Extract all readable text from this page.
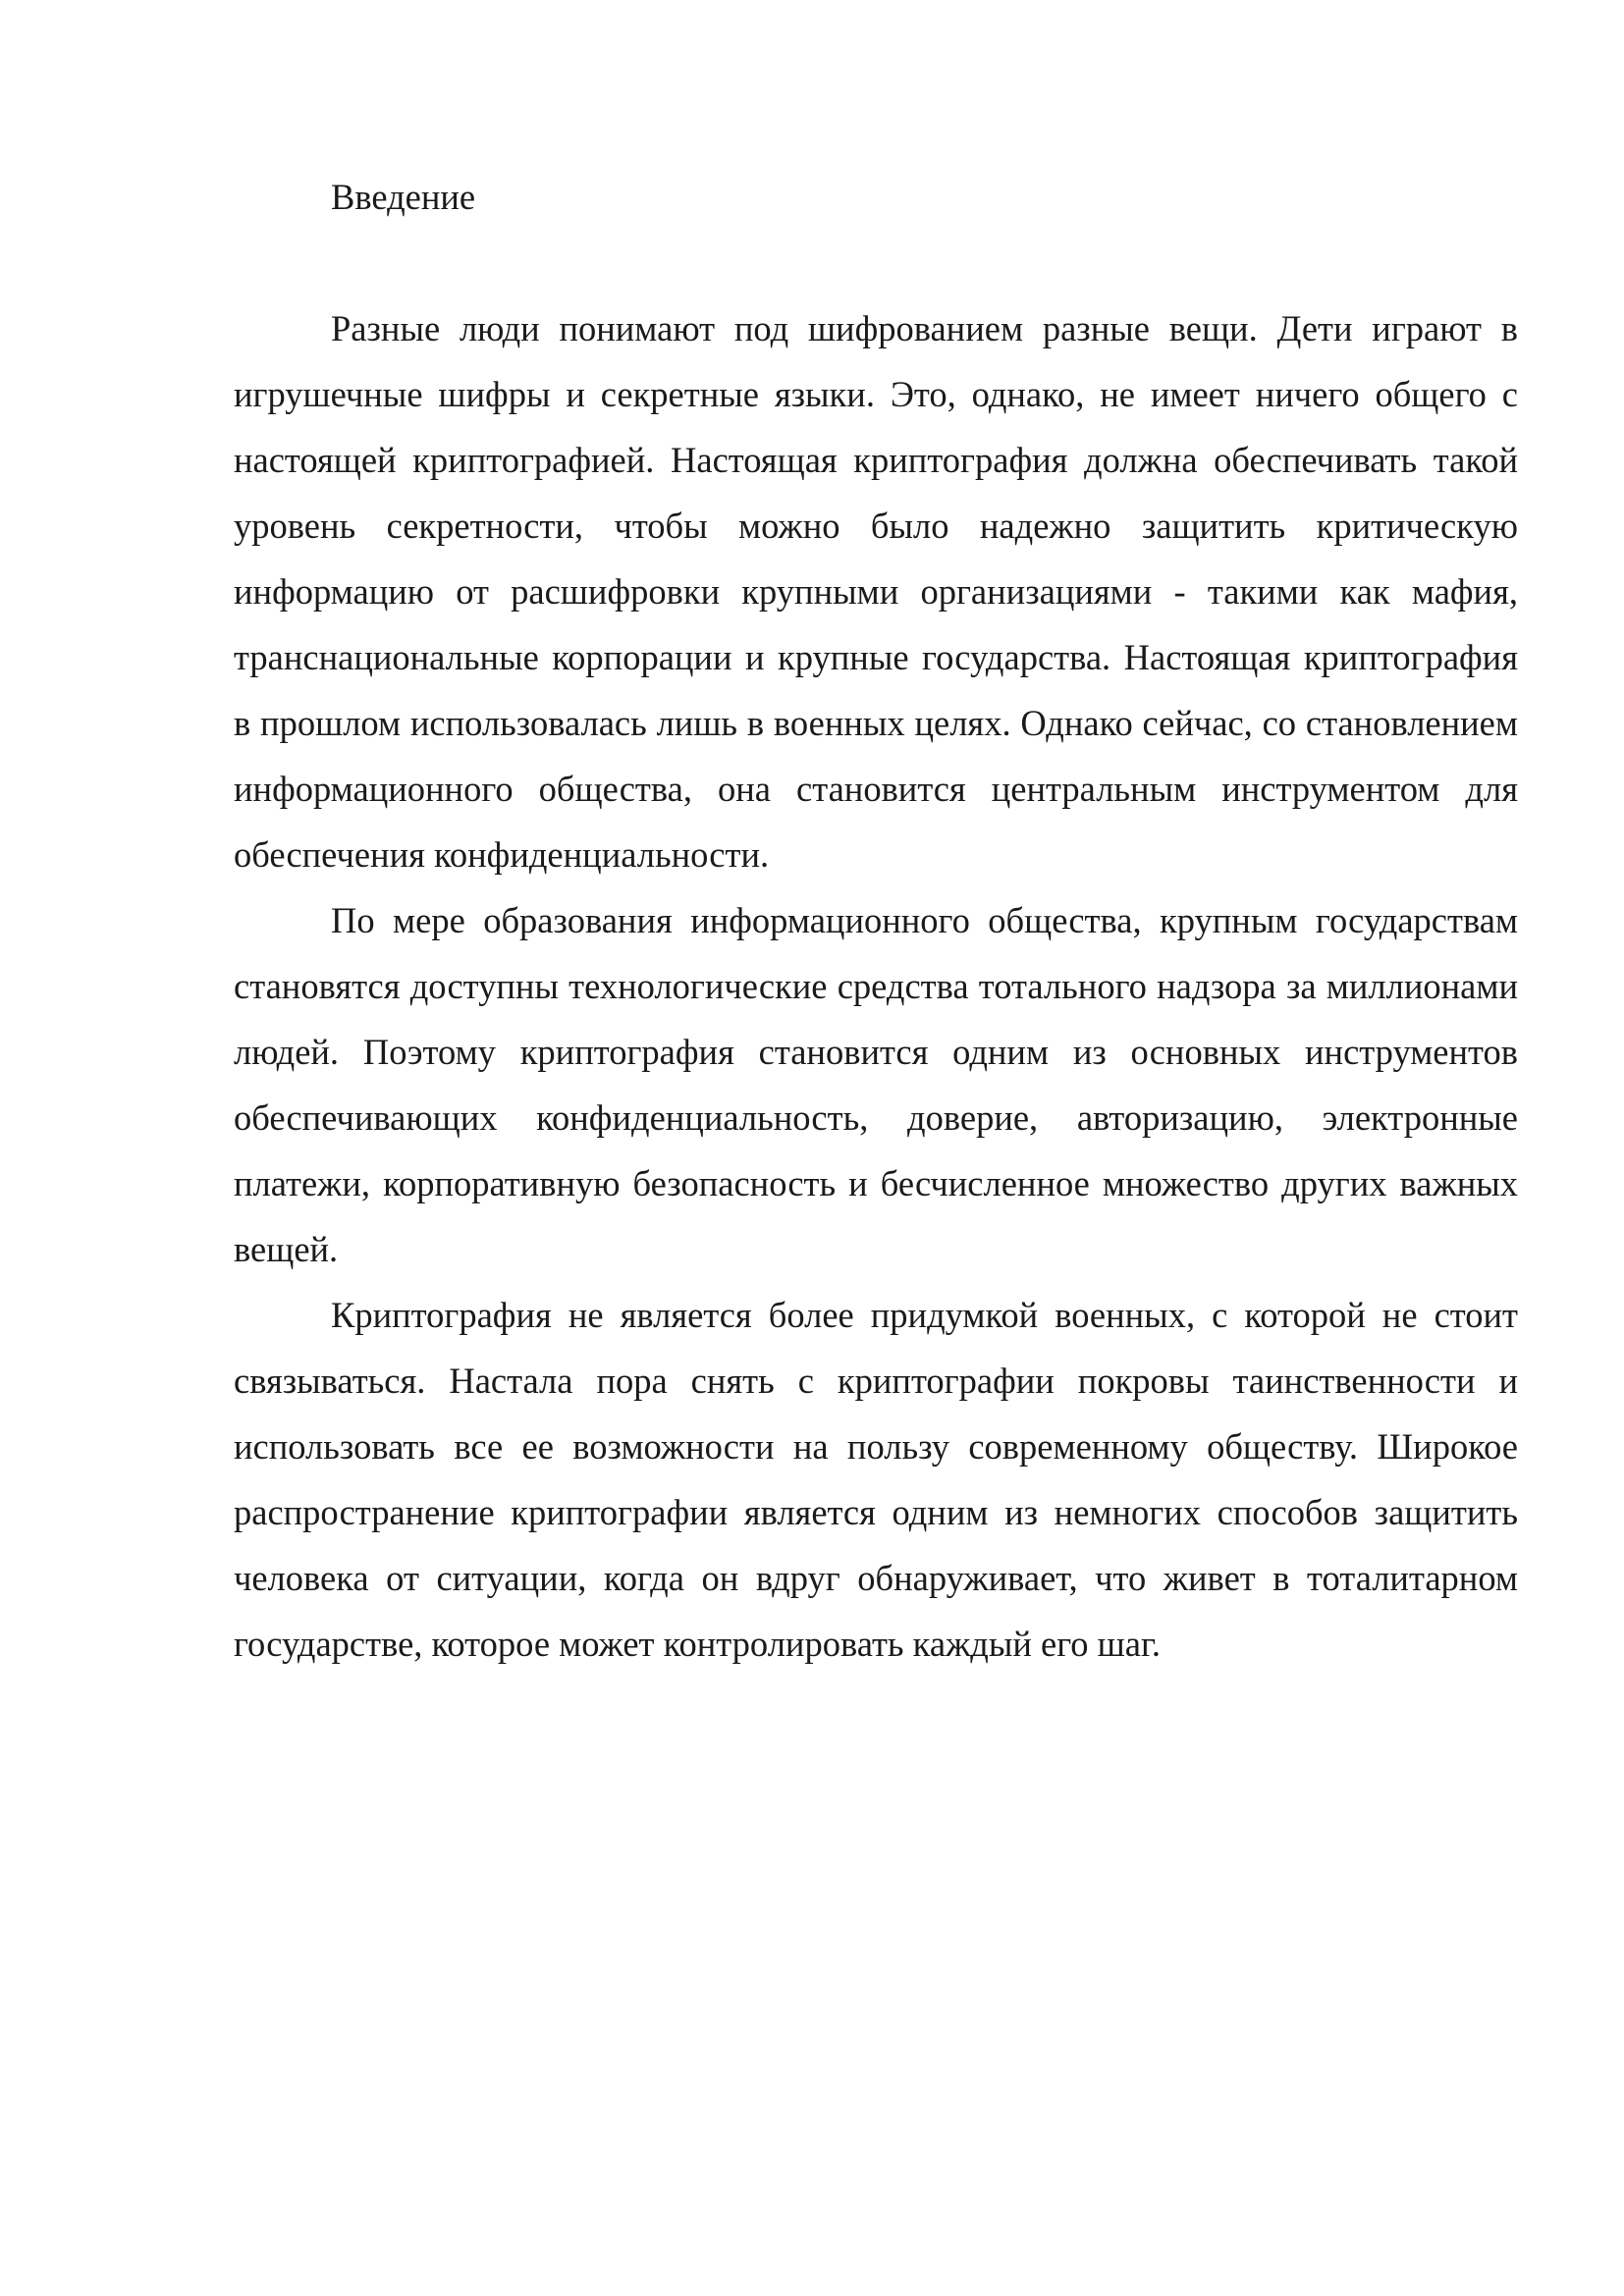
Введение

Разные люди понимают под шифрованием разные вещи. Дети играют в игрушечные шифры и секретные языки. Это, однако, не имеет ничего общего с настоящей криптографией. Настоящая криптография должна обеспечивать такой уровень секретности, чтобы можно было надежно защитить критическую информацию от расшифровки крупными организациями - такими как мафия, транснациональные корпорации и крупные государства. Настоящая криптография в прошлом использовалась лишь в военных целях. Однако сейчас, со становлением информационного общества, она становится центральным инструментом для обеспечения конфиденциальности.

По мере образования информационного общества, крупным государствам становятся доступны технологические средства тотального надзора за миллионами людей. Поэтому криптография становится одним из основных инструментов обеспечивающих конфиденциальность, доверие, авторизацию, электронные платежи, корпоративную безопасность и бесчисленное множество других важных вещей.

Криптография не является более придумкой военных, с которой не стоит связываться. Настала пора снять с криптографии покровы таинственности и использовать все ее возможности на пользу современному обществу. Широкое распространение криптографии является одним из немногих способов защитить человека от ситуации, когда он вдруг обнаруживает, что живет в тоталитарном государстве, которое может контролировать каждый его шаг.
